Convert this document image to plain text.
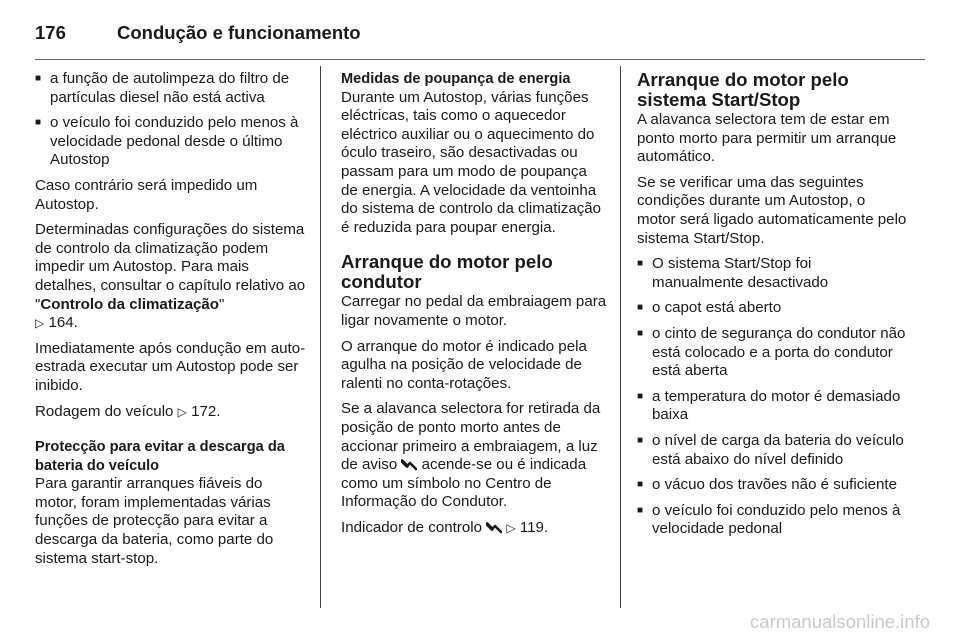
176	Condução e funcionamento
■ a função de autolimpeza do filtro de partículas diesel não está activa
■ o veículo foi conduzido pelo menos à velocidade pedonal desde o último Autostop

Caso contrário será impedido um Autostop.

Determinadas configurações do sistema de controlo da climatização podem impedir um Autostop. Para mais detalhes, consultar o capítulo relativo ao "Controlo da climatização"
▷ 164.

Imediatamente após condução em auto-estrada executar um Autostop pode ser inibido.

Rodagem do veículo ▷ 172.

Protecção para evitar a descarga da bateria do veículo

Para garantir arranques fiáveis do motor, foram implementadas várias funções de protecção para evitar a descarga da bateria, como parte do sistema start-stop.

Medidas de poupança de energia

Durante um Autostop, várias funções eléctricas, tais como o aquecedor eléctrico auxiliar ou o aquecimento do óculo traseiro, são desactivadas ou passam para um modo de poupança de energia. A velocidade da ventoinha do sistema de controlo da climatização é reduzida para poupar energia.

Arranque do motor pelo condutor

Carregar no pedal da embraiagem para ligar novamente o motor.

O arranque do motor é indicado pela agulha na posição de velocidade de ralenti no conta-rotações.

Se a alavanca selectora for retirada da posição de ponto morto antes de accionar primeiro a embraiagem, a luz de aviso acende-se ou é indicada como um símbolo no Centro de Informação do Condutor.

Indicador de controlo ▷ 119.

Arranque do motor pelo sistema Start/Stop

A alavanca selectora tem de estar em ponto morto para permitir um arranque automático.

Se se verificar uma das seguintes condições durante um Autostop, o motor será ligado automaticamente pelo sistema Start/Stop.

■ O sistema Start/Stop foi manualmente desactivado
■ o capot está aberto
■ o cinto de segurança do condutor não está colocado e a porta do condutor está aberta
■ a temperatura do motor é demasiado baixa
■ o nível de carga da bateria do veículo está abaixo do nível definido
■ o vácuo dos travões não é suficiente
■ o veículo foi conduzido pelo menos à velocidade pedonal
carmanualsonline.info
